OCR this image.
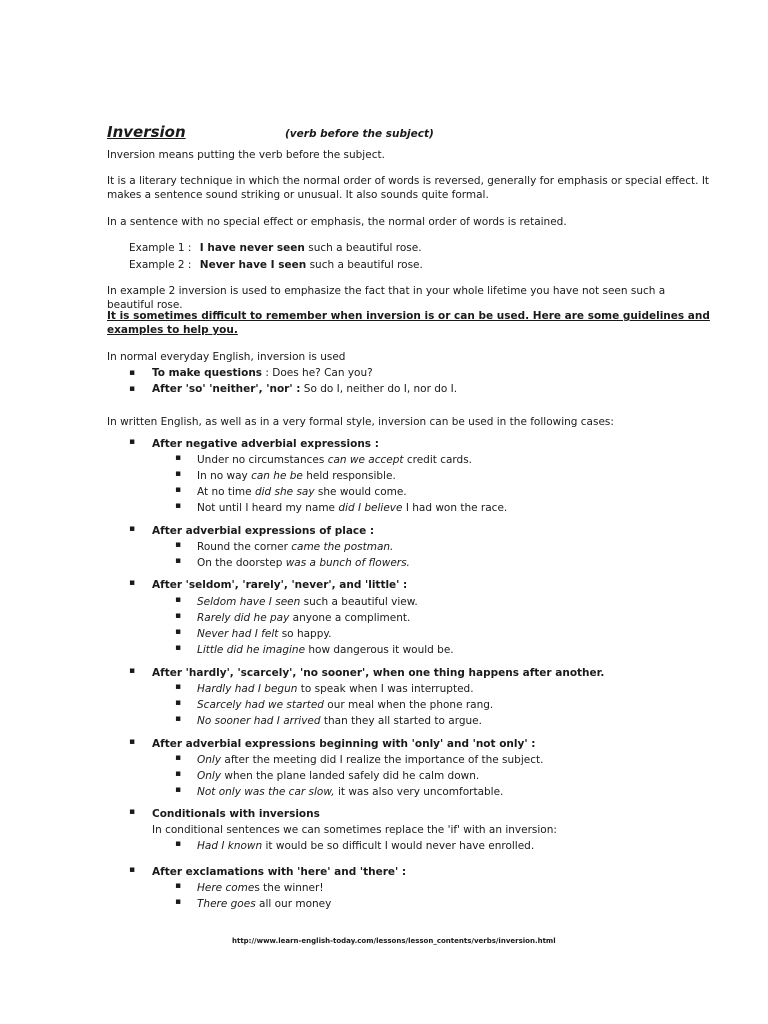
Inversion	(verb before the subject)
Inversion means putting the verb before the subject.
It is a literary technique in which the normal order of words is reversed, generally for emphasis or special effect. It makes a sentence sound striking or unusual. It also sounds quite formal.
In a sentence with no special effect or emphasis, the normal order of words is retained.
Example 1 : I have never seen such a beautiful rose.
Example 2 : Never have I seen such a beautiful rose.
In example 2 inversion is used to emphasize the fact that in your whole lifetime you have not seen such a beautiful rose.
It is sometimes difficult to remember when inversion is or can be used. Here are some guidelines and examples to help you.
In normal everyday English, inversion is used
▪ To make questions : Does he? Can you?
▪ After 'so' 'neither', 'nor' : So do I, neither do I, nor do I.
In written English, as well as in a very formal style, inversion can be used in the following cases:
▪ After negative adverbial expressions :
▪ Under no circumstances can we accept credit cards.
▪ In no way can he be held responsible.
▪ At no time did she say she would come.
▪ Not until I heard my name did I believe I had won the race.
▪ After adverbial expressions of place :
▪ Round the corner came the postman.
▪ On the doorstep was a bunch of flowers.
▪ After 'seldom', 'rarely', 'never', and 'little' :
▪ Seldom have I seen such a beautiful view.
▪ Rarely did he pay anyone a compliment.
▪ Never had I felt so happy.
▪ Little did he imagine how dangerous it would be.
▪ After 'hardly', 'scarcely', 'no sooner', when one thing happens after another.
▪ Hardly had I begun to speak when I was interrupted.
▪ Scarcely had we started our meal when the phone rang.
▪ No sooner had I arrived than they all started to argue.
▪ After adverbial expressions beginning with 'only' and 'not only' :
▪ Only after the meeting did I realize the importance of the subject.
▪ Only when the plane landed safely did he calm down.
▪ Not only was the car slow, it was also very uncomfortable.
▪ Conditionals with inversions
In conditional sentences we can sometimes replace the 'if' with an inversion:
▪ Had I known it would be so difficult I would never have enrolled.
▪ After exclamations with 'here' and 'there' :
▪ Here comes the winner!
▪ There goes all our money
http://www.learn-english-today.com/lessons/lesson_contents/verbs/inversion.html
